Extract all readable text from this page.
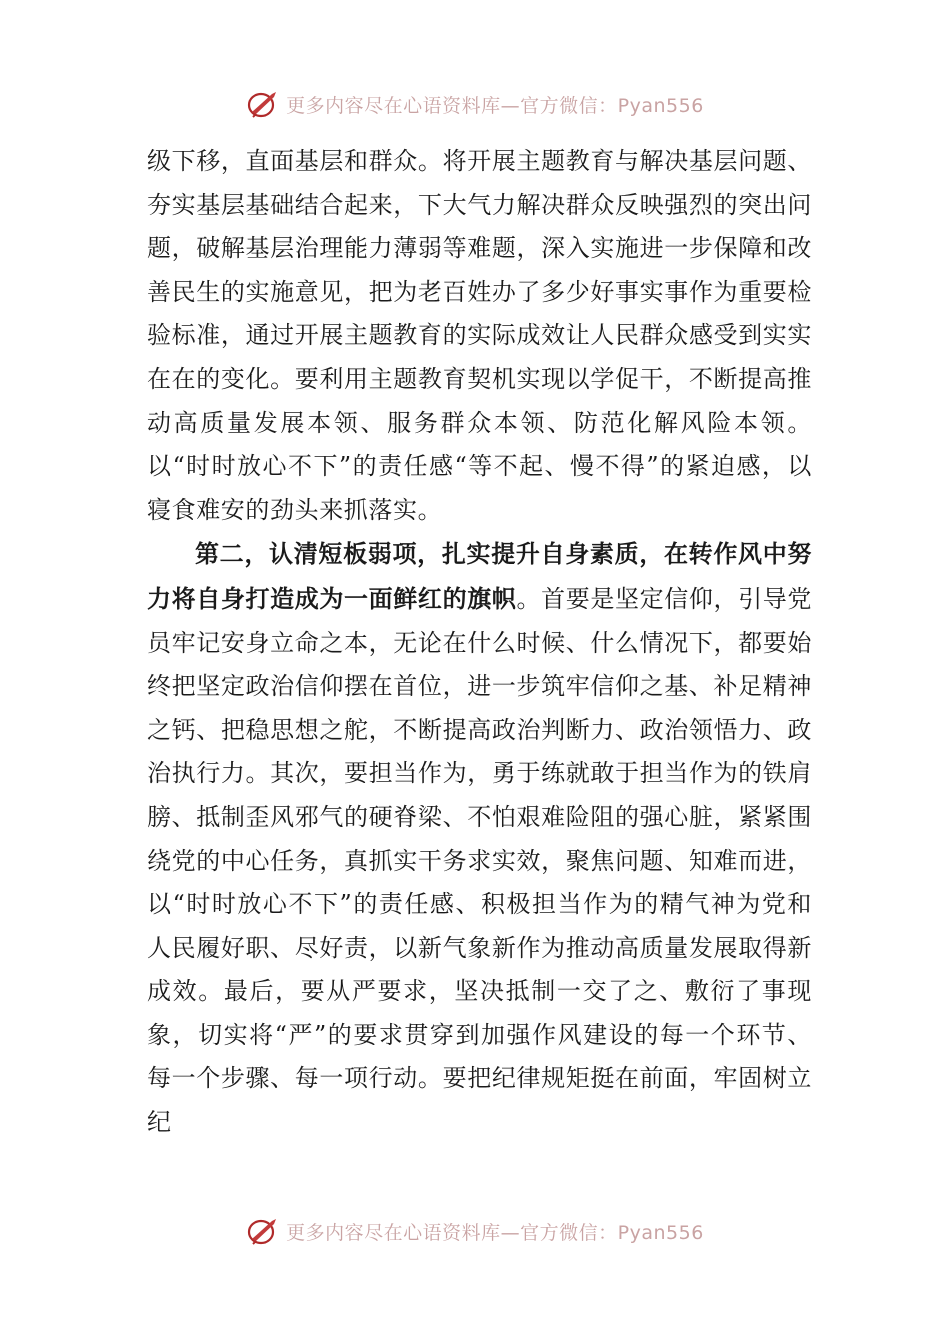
更多内容尽在心语资料库—官方微信：Pyan556

级下移，直面基层和群众。将开展主题教育与解决基层问题、夯实基层基础结合起来，下大气力解决群众反映强烈的突出问题，破解基层治理能力薄弱等难题，深入实施进一步保障和改善民生的实施意见，把为老百姓办了多少好事实事作为重要检验标准，通过开展主题教育的实际成效让人民群众感受到实实在在的变化。要利用主题教育契机实现以学促干，不断提高推动高质量发展本领、服务群众本领、防范化解风险本领。以“时时放心不下”的责任感“等不起、慢不得”的紧迫感，以寝食难安的劲头来抓落实。

第二，认清短板弱项，扎实提升自身素质，在转作风中努力将自身打造成为一面鲜红的旗帜。首要是坚定信仰，引导党员牢记安身立命之本，无论在什么时候、什么情况下，都要始终把坚定政治信仰摆在首位，进一步筑牢信仰之基、补足精神之钙、把稳思想之舵，不断提高政治判断力、政治领悟力、政治执行力。其次，要担当作为，勇于练就敢于担当作为的铁肩膀、抵制歪风邪气的硬脊梁、不怕艰难险阻的强心脏，紧紧围绕党的中心任务，真抓实干务求实效，聚焦问题、知难而进，以“时时放心不下”的责任感、积极担当作为的精气神为党和人民履好职、尽好责，以新气象新作为推动高质量发展取得新成效。最后，要从严要求，坚决抵制一交了之、敷衍了事现象，切实将“严”的要求贯穿到加强作风建设的每一个环节、每一个步骤、每一项行动。要把纪律规矩挺在前面，牢固树立纪

更多内容尽在心语资料库—官方微信：Pyan556
